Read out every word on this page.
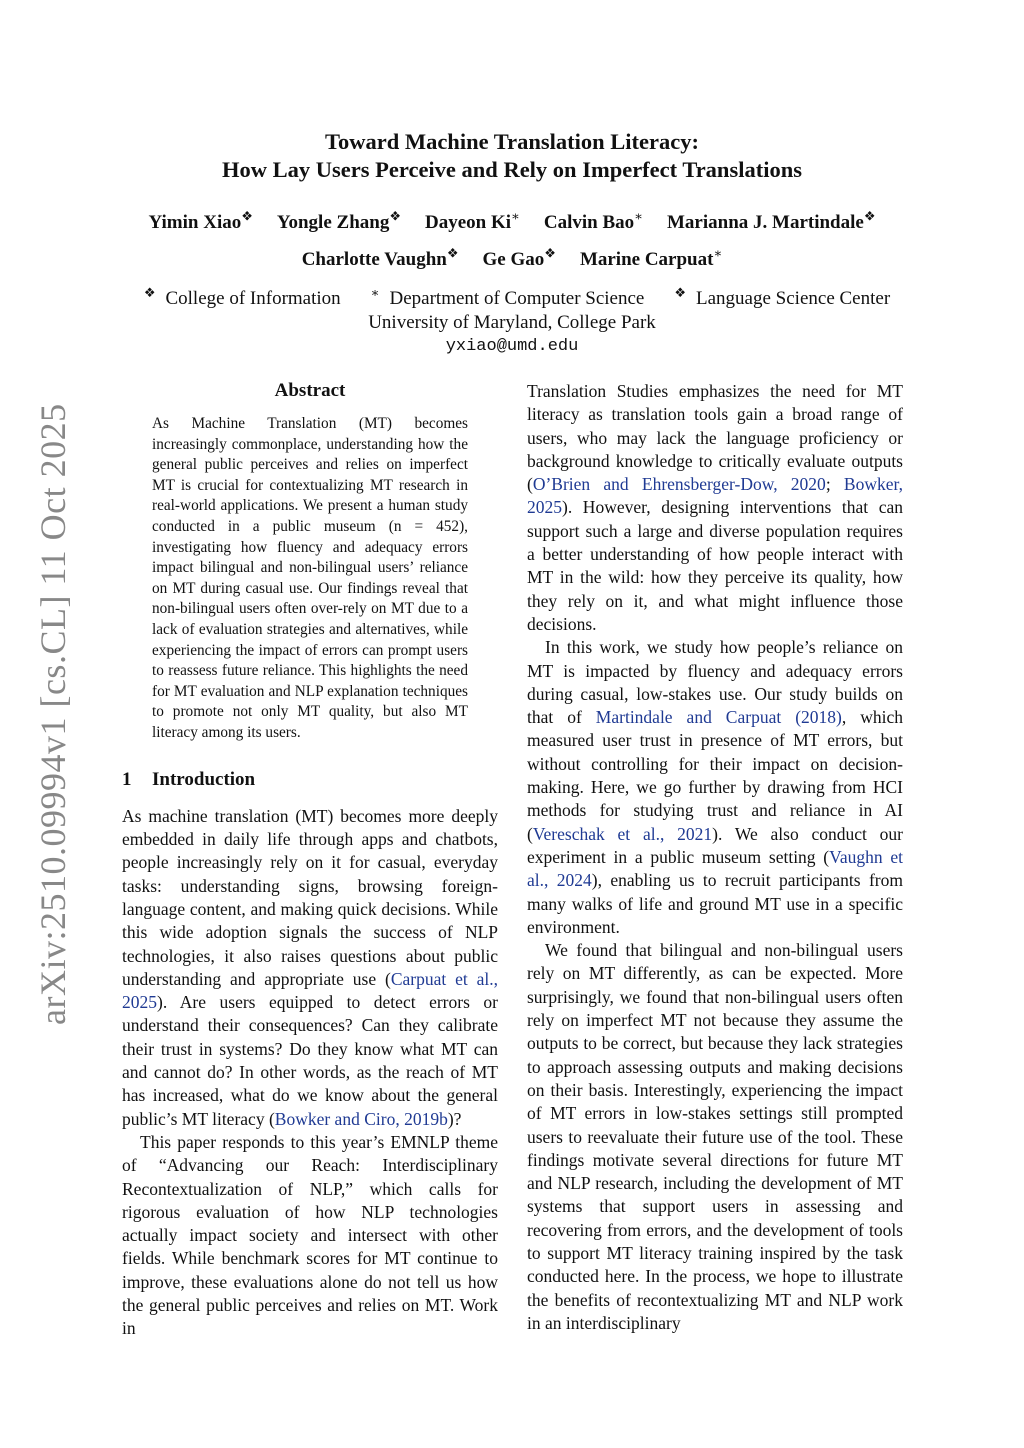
arXiv:2510.09994v1 [cs.CL] 11 Oct 2025
Toward Machine Translation Literacy:
How Lay Users Perceive and Rely on Imperfect Translations
Yimin Xiao❖ Yongle Zhang❖ Dayeon Ki∗ Calvin Bao∗ Marianna J. Martindale❖
Charlotte Vaughn❖ Ge Gao❖ Marine Carpuat∗
❖ College of Information ∗ Department of Computer Science ❖ Language Science Center
University of Maryland, College Park
yxiao@umd.edu
Abstract

As Machine Translation (MT) becomes increasingly commonplace, understanding how the general public perceives and relies on imperfect MT is crucial for contextualizing MT research in real-world applications. We present a human study conducted in a public museum (n = 452), investigating how fluency and adequacy errors impact bilingual and non-bilingual users’ reliance on MT during casual use. Our findings reveal that non-bilingual users often over-rely on MT due to a lack of evaluation strategies and alternatives, while experiencing the impact of errors can prompt users to reassess future reliance. This highlights the need for MT evaluation and NLP explanation techniques to promote not only MT quality, but also MT literacy among its users.

1 Introduction

As machine translation (MT) becomes more deeply embedded in daily life through apps and chatbots, people increasingly rely on it for casual, everyday tasks: understanding signs, browsing foreign-language content, and making quick decisions. While this wide adoption signals the success of NLP technologies, it also raises questions about public understanding and appropriate use (Carpuat et al., 2025). Are users equipped to detect errors or understand their consequences? Can they calibrate their trust in systems? Do they know what MT can and cannot do? In other words, as the reach of MT has increased, what do we know about the general public’s MT literacy (Bowker and Ciro, 2019b)?

This paper responds to this year’s EMNLP theme of “Advancing our Reach: Interdisciplinary Recontextualization of NLP,” which calls for rigorous evaluation of how NLP technologies actually impact society and intersect with other fields. While benchmark scores for MT continue to improve, these evaluations alone do not tell us how the general public perceives and relies on MT. Work in

Translation Studies emphasizes the need for MT literacy as translation tools gain a broad range of users, who may lack the language proficiency or background knowledge to critically evaluate outputs (O’Brien and Ehrensberger-Dow, 2020; Bowker, 2025). However, designing interventions that can support such a large and diverse population requires a better understanding of how people interact with MT in the wild: how they perceive its quality, how they rely on it, and what might influence those decisions.

In this work, we study how people’s reliance on MT is impacted by fluency and adequacy errors during casual, low-stakes use. Our study builds on that of Martindale and Carpuat (2018), which measured user trust in presence of MT errors, but without controlling for their impact on decision-making. Here, we go further by drawing from HCI methods for studying trust and reliance in AI (Vereschak et al., 2021). We also conduct our experiment in a public museum setting (Vaughn et al., 2024), enabling us to recruit participants from many walks of life and ground MT use in a specific environment.

We found that bilingual and non-bilingual users rely on MT differently, as can be expected. More surprisingly, we found that non-bilingual users often rely on imperfect MT not because they assume the outputs to be correct, but because they lack strategies to approach assessing outputs and making decisions on their basis. Interestingly, experiencing the impact of MT errors in low-stakes settings still prompted users to reevaluate their future use of the tool. These findings motivate several directions for future MT and NLP research, including the development of MT systems that support users in assessing and recovering from errors, and the development of tools to support MT literacy training inspired by the task conducted here. In the process, we hope to illustrate the benefits of recontextualizing MT and NLP work in an interdisciplinary
